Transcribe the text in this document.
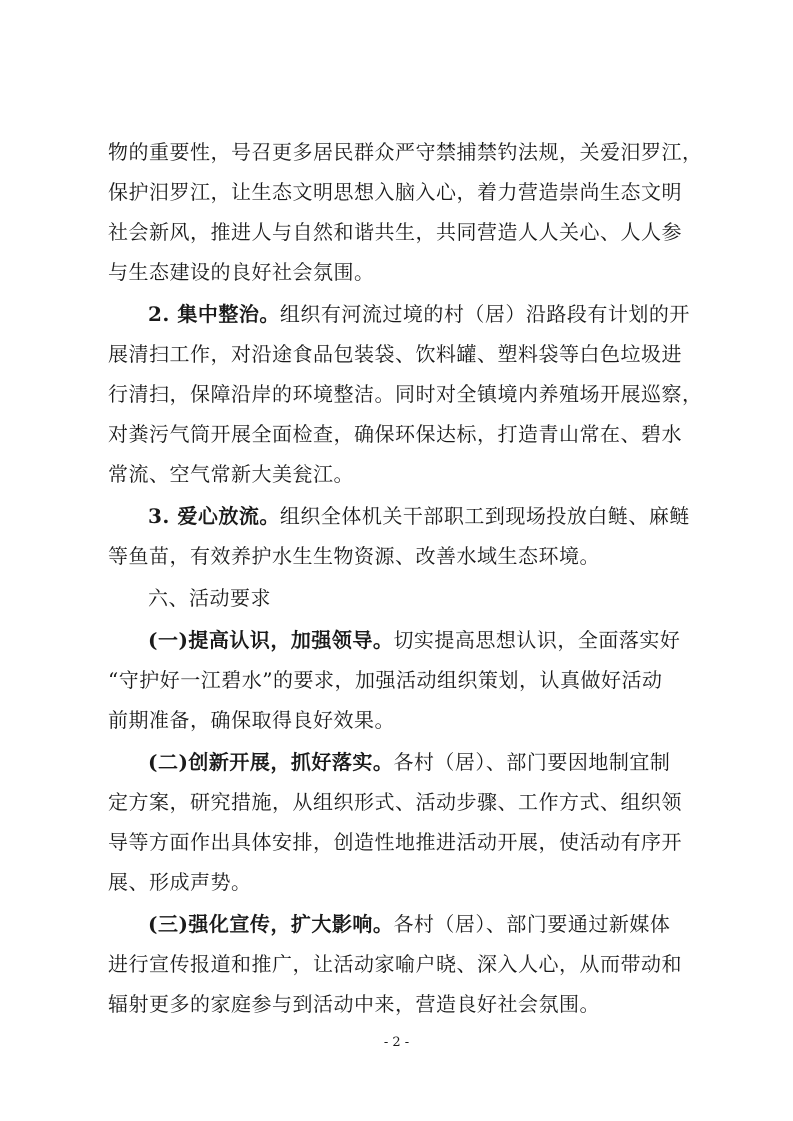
物的重要性，号召更多居民群众严守禁捕禁钓法规，关爱汨罗江，
保护汨罗江，让生态文明思想入脑入心，着力营造崇尚生态文明
社会新风，推进人与自然和谐共生，共同营造人人关心、人人参
与生态建设的良好社会氛围。
2. 集中整治。组织有河流过境的村（居）沿路段有计划的开
展清扫工作，对沿途食品包装袋、饮料罐、塑料袋等白色垃圾进
行清扫，保障沿岸的环境整洁。同时对全镇境内养殖场开展巡察，
对粪污气筒开展全面检查，确保环保达标，打造青山常在、碧水
常流、空气常新大美瓮江。
3. 爱心放流。组织全体机关干部职工到现场投放白鲢、麻鲢
等鱼苗，有效养护水生生物资源、改善水域生态环境。
六、活动要求
(一)提高认识，加强领导。切实提高思想认识，全面落实好
“守护好一江碧水”的要求，加强活动组织策划，认真做好活动
前期准备，确保取得良好效果。
(二)创新开展，抓好落实。各村（居）、部门要因地制宜制
定方案，研究措施，从组织形式、活动步骤、工作方式、组织领
导等方面作出具体安排，创造性地推进活动开展，使活动有序开
展、形成声势。
(三)强化宣传，扩大影响。各村（居）、部门要通过新媒体
进行宣传报道和推广，让活动家喻户晓、深入人心，从而带动和
辐射更多的家庭参与到活动中来，营造良好社会氛围。
- 2 -
